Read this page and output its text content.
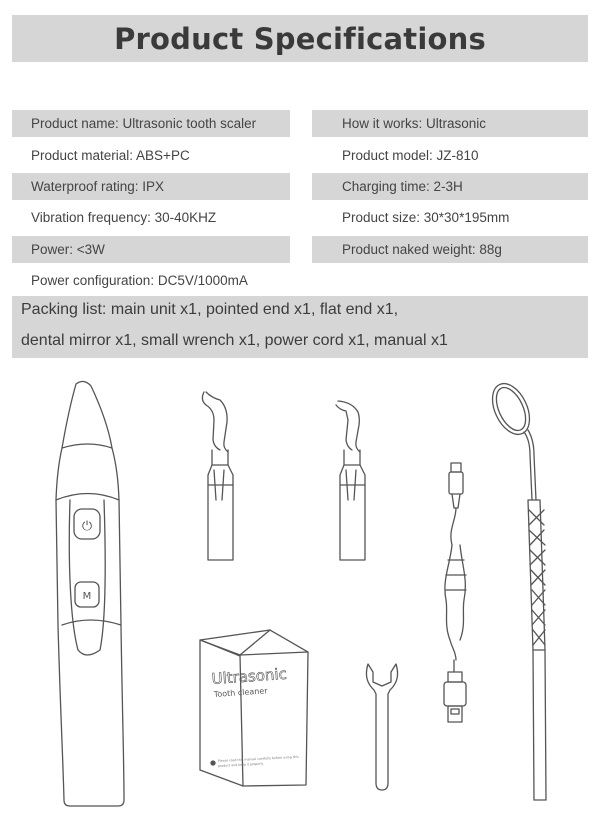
Product Specifications
Product name: Ultrasonic tooth scaler
Product material: ABS+PC
Waterproof rating: IPX
Vibration frequency: 30-40KHZ
Power: <3W
Power configuration: DC5V/1000mA
How it works: Ultrasonic
Product model: JZ-810
Charging time: 2-3H
Product size: 30*30*195mm
Product naked weight: 88g
Packing list: main unit x1, pointed end x1, flat end x1,
dental mirror x1, small wrench x1, power cord x1, manual x1
⏻
M
Ultrasonic
Tooth cleaner
Please read this manual carefully before using this
product and keep it properly
